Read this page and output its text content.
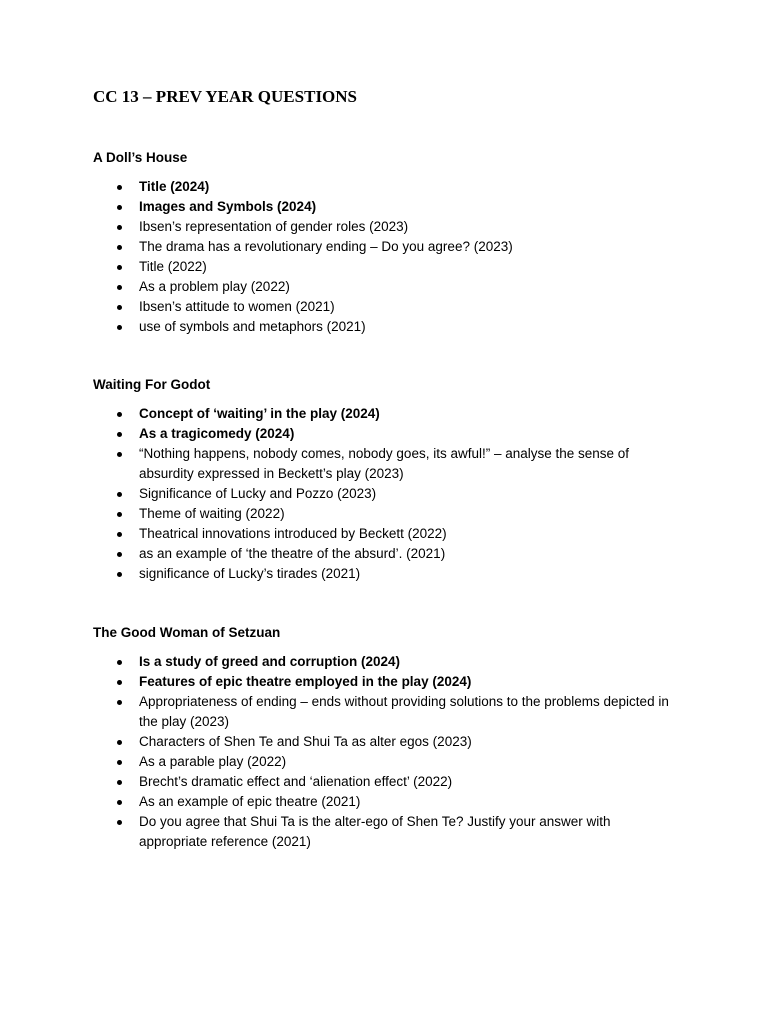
CC 13 – PREV YEAR QUESTIONS
A Doll’s House
Title (2024)
Images and Symbols (2024)
Ibsen’s representation of gender roles (2023)
The drama has a revolutionary ending – Do you agree? (2023)
Title (2022)
As a problem play (2022)
Ibsen’s attitude to women (2021)
use of symbols and metaphors (2021)
Waiting For Godot
Concept of ‘waiting’ in the play (2024)
As a tragicomedy (2024)
“Nothing happens, nobody comes, nobody goes, its awful!” – analyse the sense of absurdity expressed in Beckett’s play (2023)
Significance of Lucky and Pozzo (2023)
Theme of waiting (2022)
Theatrical innovations introduced by Beckett (2022)
as an example of ‘the theatre of the absurd’. (2021)
significance of Lucky’s tirades (2021)
The Good Woman of Setzuan
Is a study of greed and corruption (2024)
Features of epic theatre employed in the play (2024)
Appropriateness of ending – ends without providing solutions to the problems depicted in the play (2023)
Characters of Shen Te and Shui Ta as alter egos (2023)
As a parable play (2022)
Brecht’s dramatic effect and ‘alienation effect’ (2022)
As an example of epic theatre (2021)
Do you agree that Shui Ta is the alter-ego of Shen Te? Justify your answer with appropriate reference (2021)
